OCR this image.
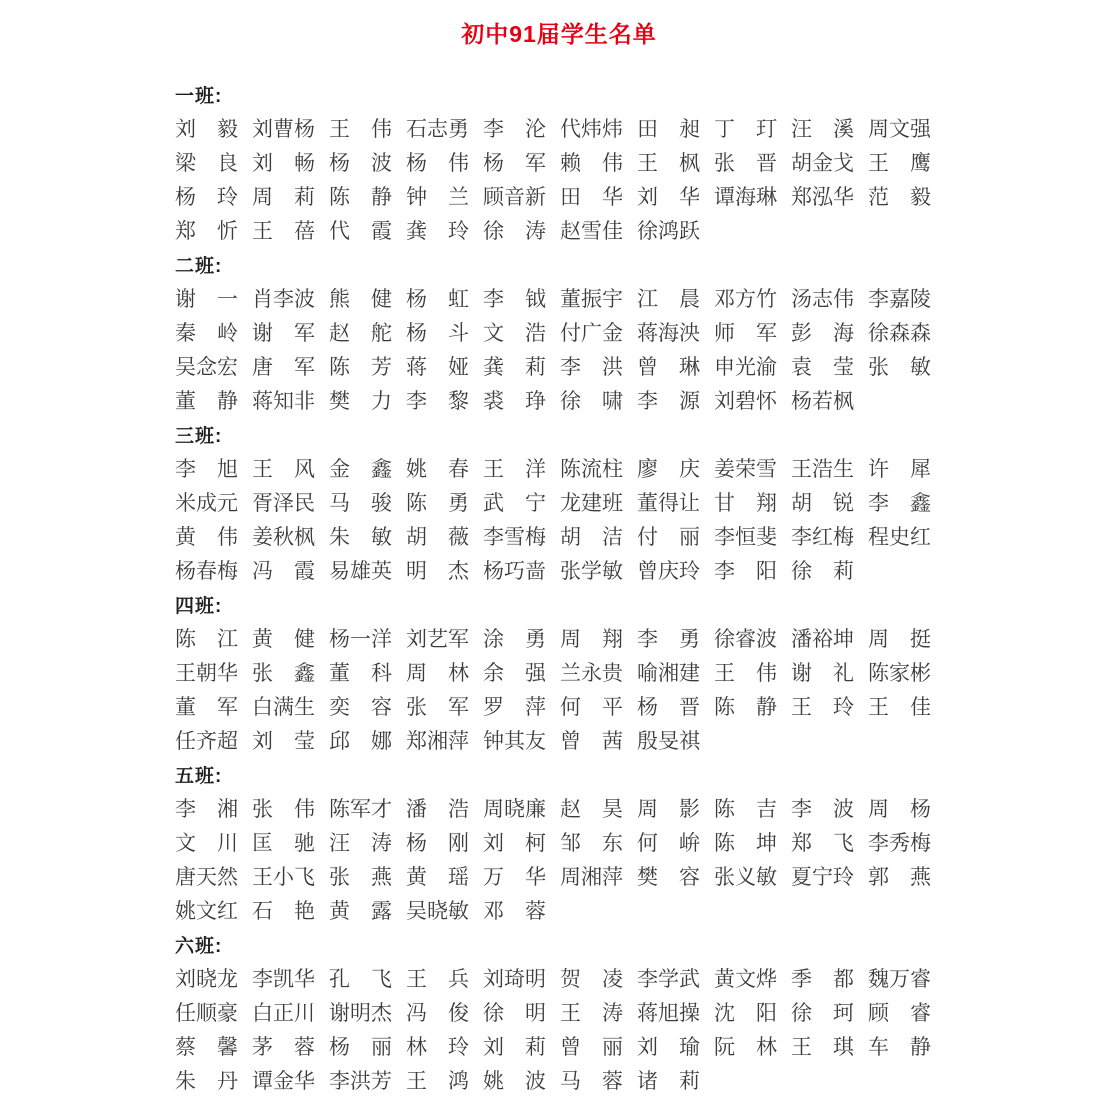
初中91届学生名单
一班:
刘 毅 刘 曹 杨 王 伟 石 志 勇 李 沦 代 炜 炜 田 昶 丁 玎 汪 溪 周 文 强
梁 良 刘 畅 杨 波 杨 伟 杨 军 赖 伟 王 枫 张 晋 胡 金 戈 王 鹰
杨 玲 周 莉 陈 静 钟 兰 顾 音 新 田 华 刘 华 谭 海 琳 郑 泓 华 范 毅
郑 忻 王 蓓 代 霞 龚 玲 徐 涛 赵 雪 佳 徐 鸿 跃
二班:
谢 一 肖 李 波 熊 健 杨 虹 李 钺 董 振 宇 江 晨 邓 方 竹 汤 志 伟 李 嘉 陵
秦 岭 谢 军 赵 舵 杨 斗 文 浩 付 广 金 蒋 海 泱 师 军 彭 海 徐 森 森
吴 念 宏 唐 军 陈 芳 蒋 娅 龚 莉 李 洪 曾 琳 申 光 渝 袁 莹 张 敏
董 静 蒋 知 非 樊 力 李 黎 裘 琤 徐 啸 李 源 刘 碧 怀 杨 若 枫
三班:
李 旭 王 风 金 鑫 姚 春 王 洋 陈 流 柱 廖 庆 姜 荣 雪 王 浩 生 许 犀
米 成 元 胥 泽 民 马 骏 陈 勇 武 宁 龙 建 班 董 得 让 甘 翔 胡 锐 李 鑫
黄 伟 姜 秋 枫 朱 敏 胡 薇 李 雪 梅 胡 洁 付 丽 李 恒 斐 李 红 梅 程 史 红
杨 春 梅 冯 霞 易 雄 英 明 杰 杨 巧 啬 张 学 敏 曾 庆 玲 李 阳 徐 莉
四班:
陈 江 黄 健 杨 一 洋 刘 艺 军 涂 勇 周 翔 李 勇 徐 睿 波 潘 裕 坤 周 挺
王 朝 华 张 鑫 董 科 周 林 余 强 兰 永 贵 喻 湘 建 王 伟 谢 礼 陈 家 彬
董 军 白 满 生 奕 容 张 军 罗 萍 何 平 杨 晋 陈 静 王 玲 王 佳
任 齐 超 刘 莹 邱 娜 郑 湘 萍 钟 其 友 曾 茜 殷 旻 祺
五班:
李 湘 张 伟 陈 军 才 潘 浩 周 晓 廉 赵 昊 周 影 陈 吉 李 波 周 杨
文 川 匡 驰 汪 涛 杨 刚 刘 柯 邹 东 何 峅 陈 坤 郑 飞 李 秀 梅
唐 天 然 王 小 飞 张 燕 黄 瑶 万 华 周 湘 萍 樊 容 张 义 敏 夏 宁 玲 郭 燕
姚 文 红 石 艳 黄 露 吴 晓 敏 邓 蓉
六班:
刘 晓 龙 李 凯 华 孔 飞 王 兵 刘 琦 明 贺 凌 李 学 武 黄 文 烨 季 都 魏 万 睿
任 顺 豪 白 正 川 谢 明 杰 冯 俊 徐 明 王 涛 蒋 旭 操 沈 阳 徐 珂 顾 睿
蔡 馨 茅 蓉 杨 丽 林 玲 刘 莉 曾 丽 刘 瑜 阮 林 王 琪 车 静
朱 丹 谭 金 华 李 洪 芳 王 鸿 姚 波 马 蓉 诸 莉
